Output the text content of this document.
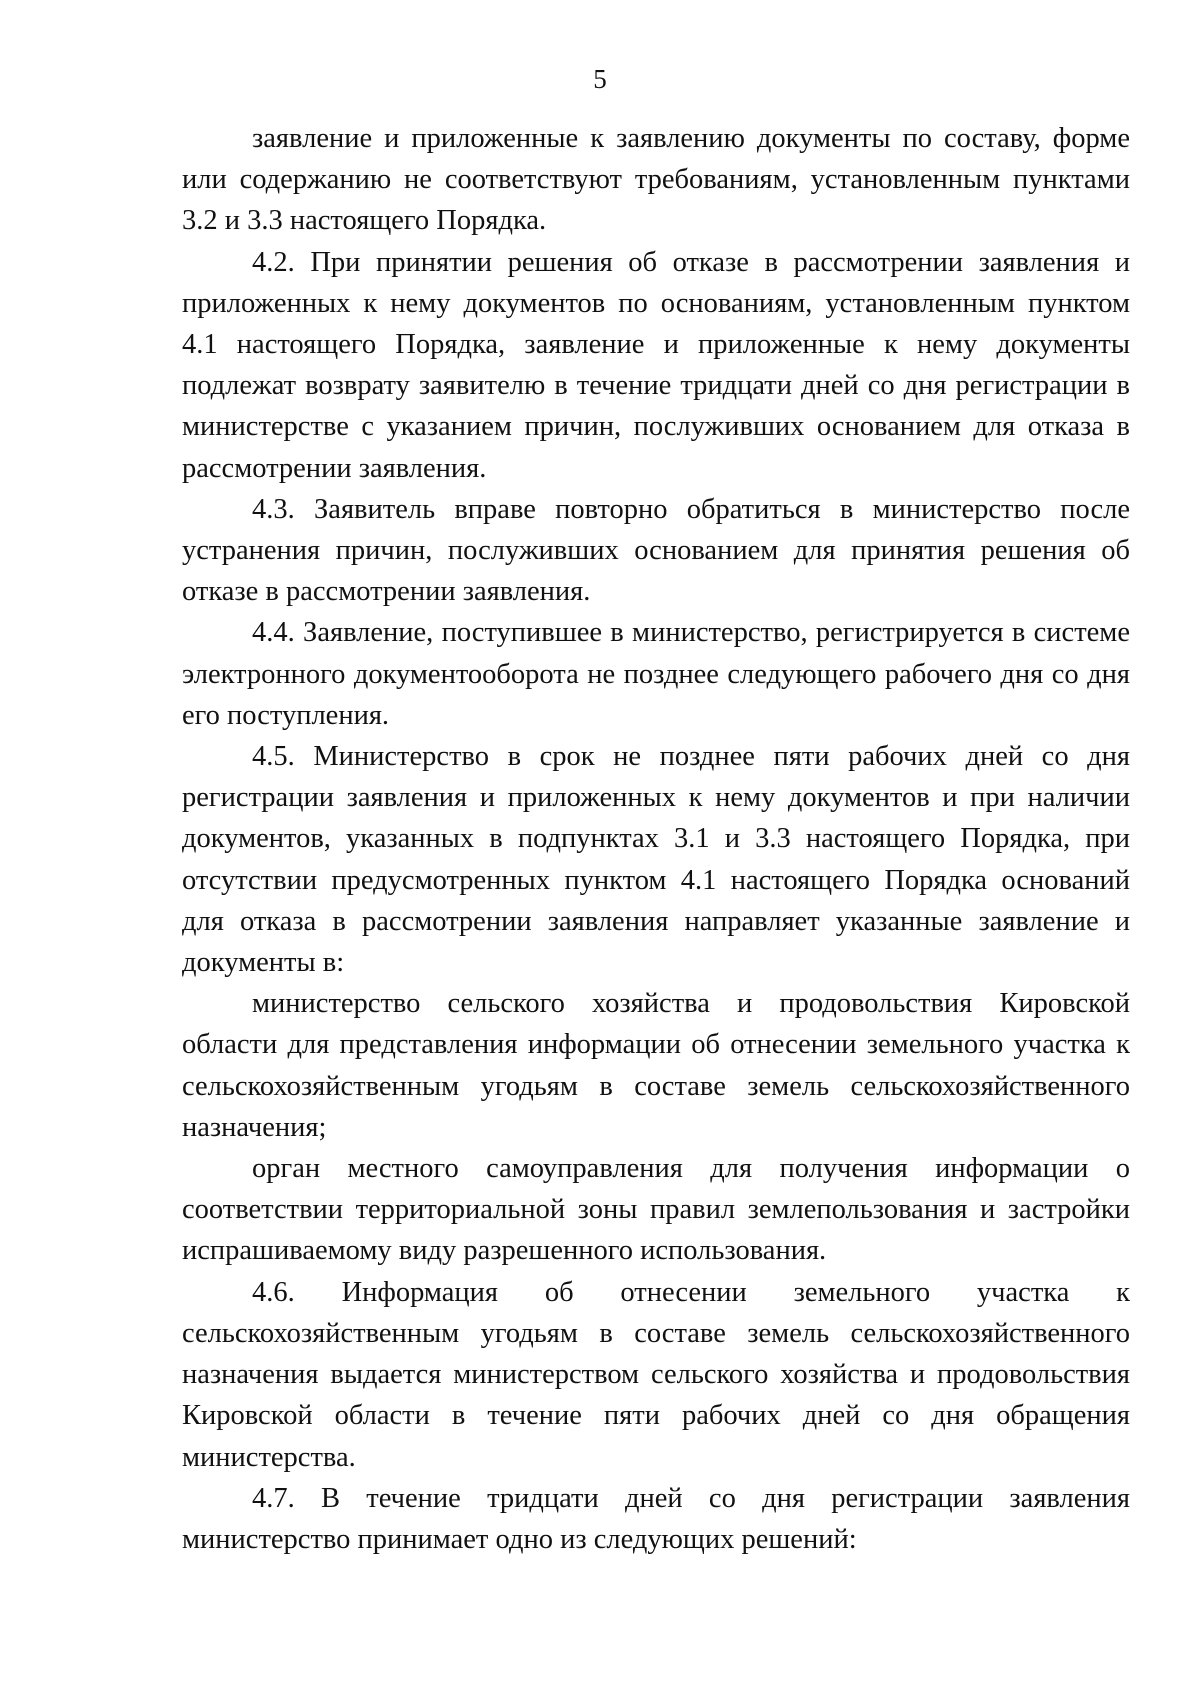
5

заявление и приложенные к заявлению документы по составу, форме или содержанию не соответствуют требованиям, установленным пунктами 3.2 и 3.3 настоящего Порядка.

4.2. При принятии решения об отказе в рассмотрении заявления и приложенных к нему документов по основаниям, установленным пунктом 4.1 настоящего Порядка, заявление и приложенные к нему документы подлежат возврату заявителю в течение тридцати дней со дня регистрации в министерстве с указанием причин, послуживших основанием для отказа в рассмотрении заявления.

4.3. Заявитель вправе повторно обратиться в министерство после устранения причин, послуживших основанием для принятия решения об отказе в рассмотрении заявления.

4.4. Заявление, поступившее в министерство, регистрируется в системе электронного документооборота не позднее следующего рабочего дня со дня его поступления.

4.5. Министерство в срок не позднее пяти рабочих дней со дня регистрации заявления и приложенных к нему документов и при наличии документов, указанных в подпунктах 3.1 и 3.3 настоящего Порядка, при отсутствии предусмотренных пунктом 4.1 настоящего Порядка оснований для отказа в рассмотрении заявления направляет указанные заявление и документы в:

министерство сельского хозяйства и продовольствия Кировской области для представления информации об отнесении земельного участка к сельскохозяйственным угодьям в составе земель сельскохозяйственного назначения;

орган местного самоуправления для получения информации о соответствии территориальной зоны правил землепользования и застройки испрашиваемому виду разрешенного использования.

4.6. Информация об отнесении земельного участка к сельскохозяйственным угодьям в составе земель сельскохозяйственного назначения выдается министерством сельского хозяйства и продовольствия Кировской области в течение пяти рабочих дней со дня обращения министерства.

4.7. В течение тридцати дней со дня регистрации заявления министерство принимает одно из следующих решений:
